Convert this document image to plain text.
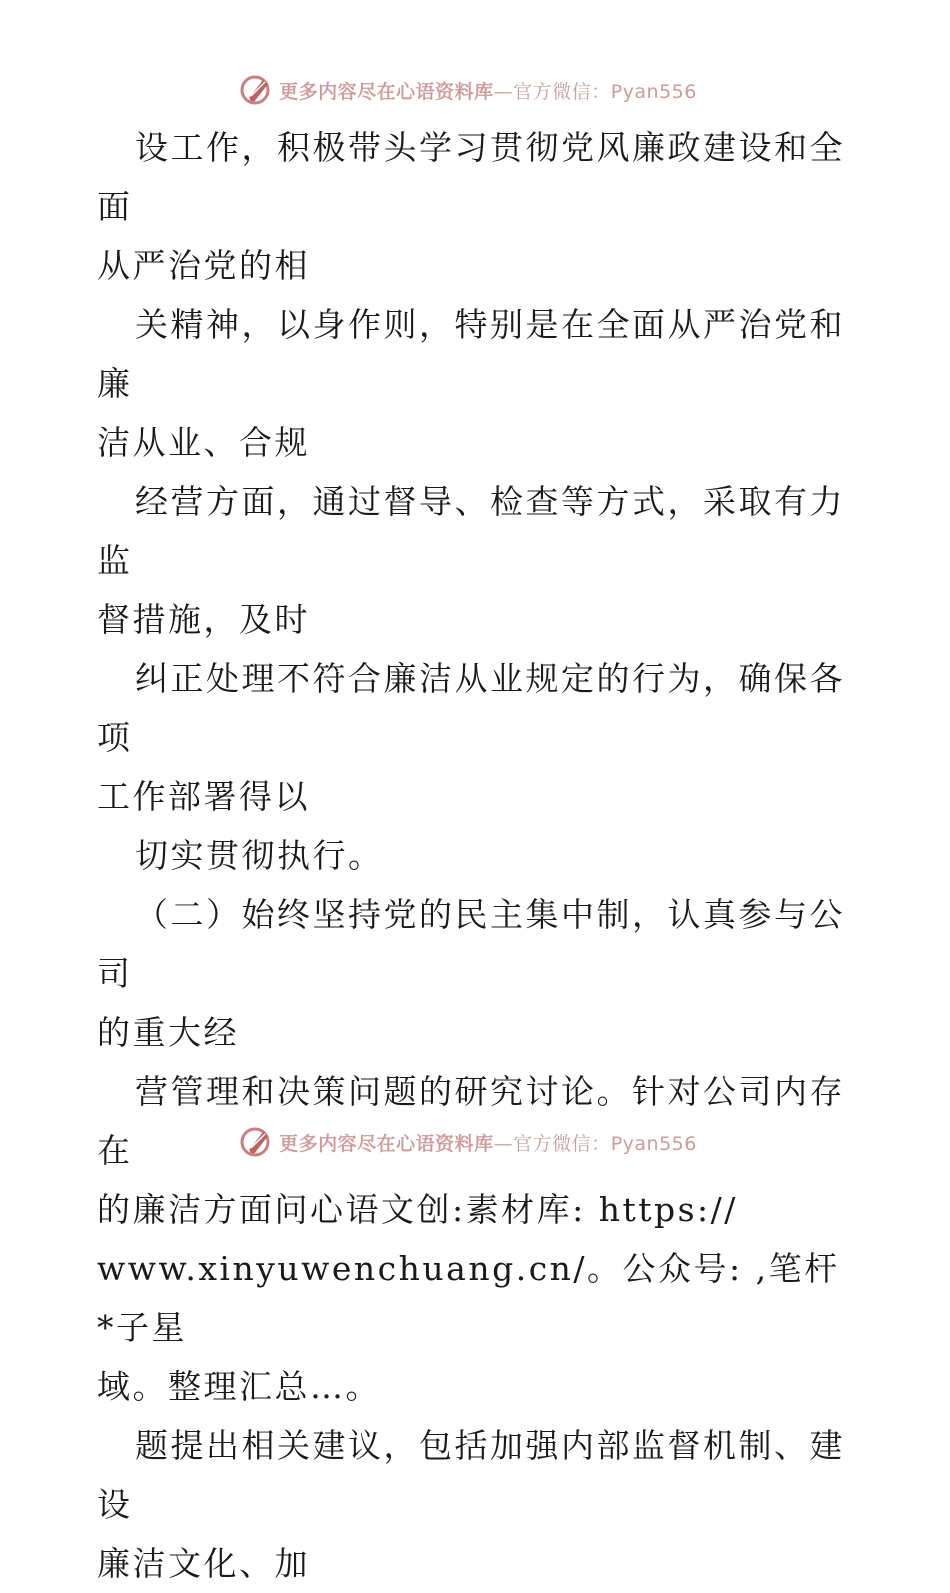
更多内容尽在心语资料库—官方微信：Pyan556

设工作，积极带头学习贯彻党风廉政建设和全面
从严治党的相

关精神，以身作则，特别是在全面从严治党和廉
洁从业、合规

经营方面，通过督导、检查等方式，采取有力监
督措施，及时

纠正处理不符合廉洁从业规定的行为，确保各项
工作部署得以

切实贯彻执行。

（二）始终坚持党的民主集中制，认真参与公司
的重大经

营管理和决策问题的研究讨论。针对公司内存在
的廉洁方面问心语文创:素材库: https://
www.xinyuwenchuang.cn/。公众号: ,笔杆*子星
域。整理汇总…。

题提出相关建议，包括加强内部监督机制、建设
廉洁文化、加

更多内容尽在心语资料库—官方微信：Pyan556
